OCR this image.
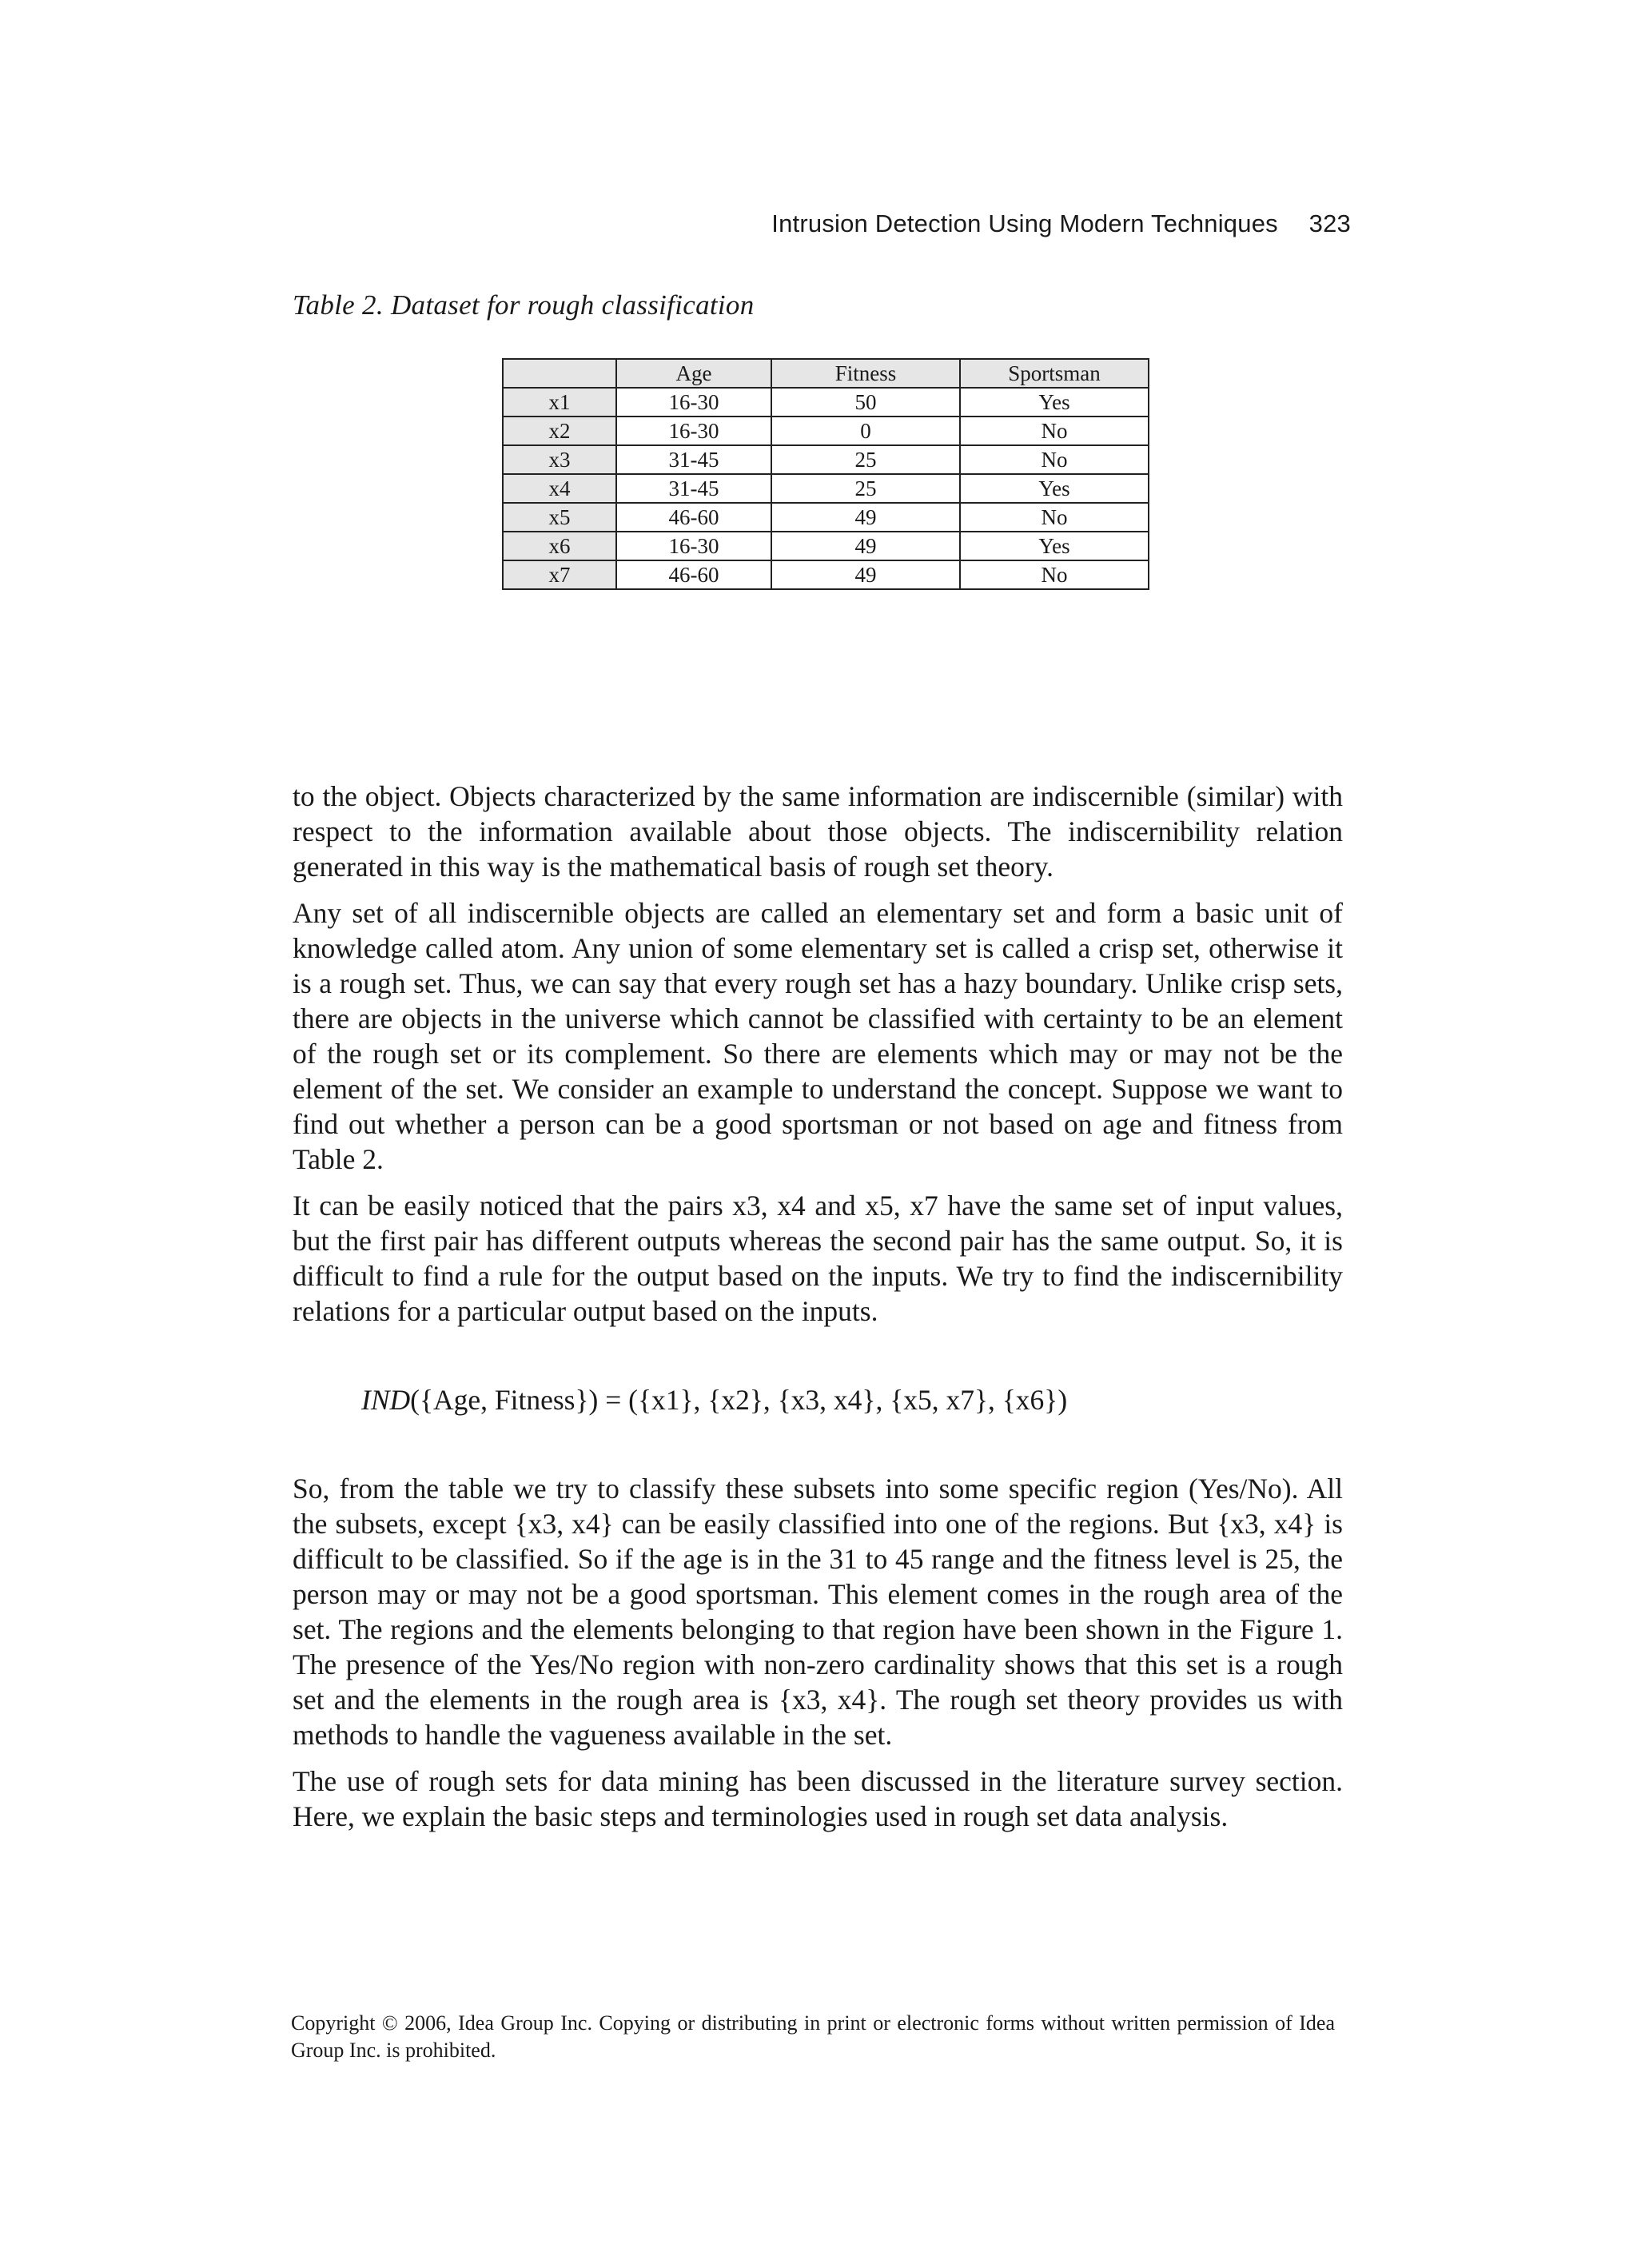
Intrusion Detection Using Modern Techniques 323
Table 2. Dataset for rough classification
	Age	Fitness	Sportsman
x1	16-30	50	Yes
x2	16-30	0	No
x3	31-45	25	No
x4	31-45	25	Yes
x5	46-60	49	No
x6	16-30	49	Yes
x7	46-60	49	No

to the object. Objects characterized by the same information are indiscernible (similar) with respect to the information available about those objects. The indiscernibility relation generated in this way is the mathematical basis of rough set theory.

Any set of all indiscernible objects are called an elementary set and form a basic unit of knowledge called atom. Any union of some elementary set is called a crisp set, otherwise it is a rough set. Thus, we can say that every rough set has a hazy boundary. Unlike crisp sets, there are objects in the universe which cannot be classified with certainty to be an element of the rough set or its complement. So there are elements which may or may not be the element of the set. We consider an example to understand the concept. Suppose we want to find out whether a person can be a good sportsman or not based on age and fitness from Table 2.

It can be easily noticed that the pairs x3, x4 and x5, x7 have the same set of input values, but the first pair has different outputs whereas the second pair has the same output. So, it is difficult to find a rule for the output based on the inputs. We try to find the indiscernibility relations for a particular output based on the inputs.

IND({Age, Fitness}) = ({x1}, {x2}, {x3, x4}, {x5, x7}, {x6})

So, from the table we try to classify these subsets into some specific region (Yes/No). All the subsets, except {x3, x4} can be easily classified into one of the regions. But {x3, x4} is difficult to be classified. So if the age is in the 31 to 45 range and the fitness level is 25, the person may or may not be a good sportsman. This element comes in the rough area of the set. The regions and the elements belonging to that region have been shown in the Figure 1. The presence of the Yes/No region with non-zero cardinality shows that this set is a rough set and the elements in the rough area is {x3, x4}. The rough set theory provides us with methods to handle the vagueness available in the set.

The use of rough sets for data mining has been discussed in the literature survey section. Here, we explain the basic steps and terminologies used in rough set data analysis.

Copyright © 2006, Idea Group Inc. Copying or distributing in print or electronic forms without written permission of Idea Group Inc. is prohibited.
